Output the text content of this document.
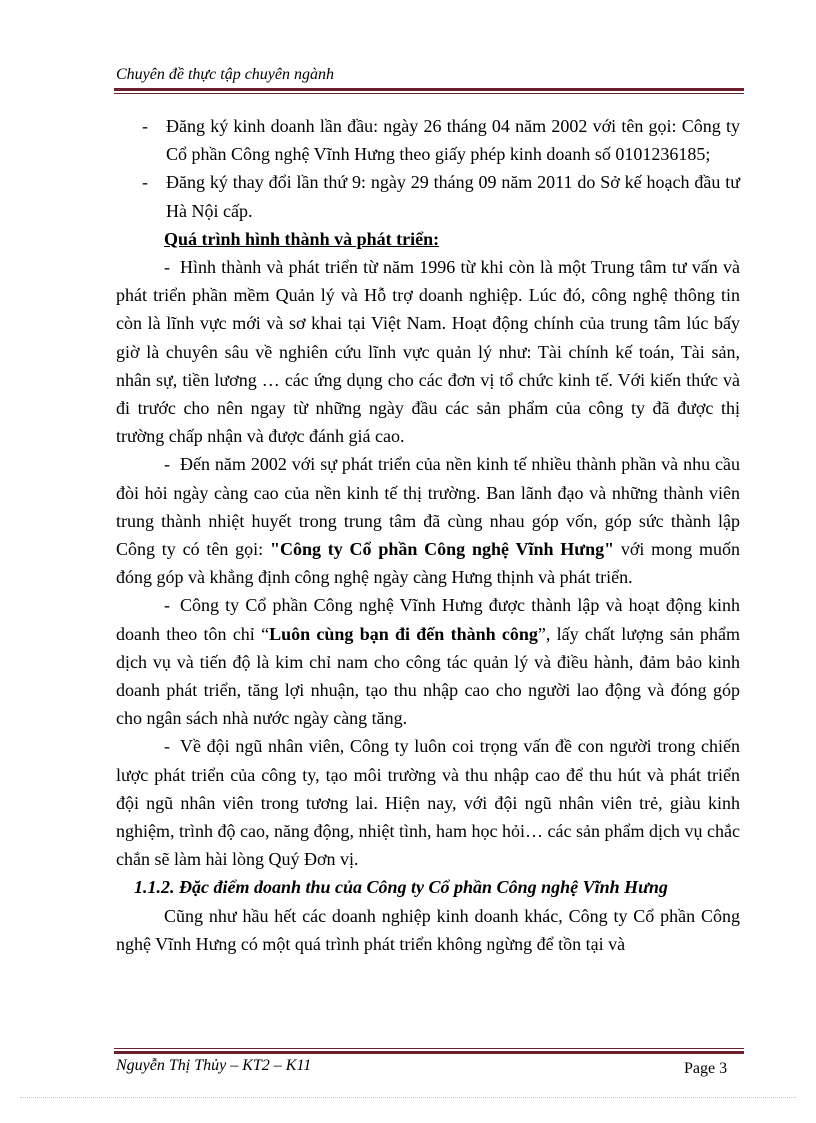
Chuyên đề thực tập chuyên ngành

- Đăng ký kinh doanh lần đầu: ngày 26 tháng 04 năm 2002 với tên gọi: Công ty Cổ phần Công nghệ Vĩnh Hưng theo giấy phép kinh doanh số 0101236185;

- Đăng ký thay đổi lần thứ 9: ngày 29 tháng 09 năm 2011 do Sở kế hoạch đầu tư Hà Nội cấp.

Quá trình hình thành và phát triển:

- Hình thành và phát triển từ năm 1996 từ khi còn là một Trung tâm tư vấn và phát triển phần mềm Quản lý và Hỗ trợ doanh nghiệp. Lúc đó, công nghệ thông tin còn là lĩnh vực mới và sơ khai tại Việt Nam. Hoạt động chính của trung tâm lúc bấy giờ là chuyên sâu về nghiên cứu lĩnh vực quản lý như: Tài chính kế toán, Tài sản, nhân sự, tiền lương … các ứng dụng cho các đơn vị tổ chức kinh tế. Với kiến thức và đi trước cho nên ngay từ những ngày đầu các sản phẩm của công ty đã được thị trường chấp nhận và được đánh giá cao.

- Đến năm 2002 với sự phát triển của nền kinh tế nhiều thành phần và nhu cầu đòi hỏi ngày càng cao của nền kinh tế thị trường. Ban lãnh đạo và những thành viên trung thành nhiệt huyết trong trung tâm đã cùng nhau góp vốn, góp sức thành lập Công ty có tên gọi: "Công ty Cổ phần Công nghệ Vĩnh Hưng" với mong muốn đóng góp và khẳng định công nghệ ngày càng Hưng thịnh và phát triển.

- Công ty Cổ phần Công nghệ Vĩnh Hưng được thành lập và hoạt động kinh doanh theo tôn chỉ “Luôn cùng bạn đi đến thành công”, lấy chất lượng sản phẩm dịch vụ và tiến độ là kim chỉ nam cho công tác quản lý và điều hành, đảm bảo kinh doanh phát triển, tăng lợi nhuận, tạo thu nhập cao cho người lao động và đóng góp cho ngân sách nhà nước ngày càng tăng.

- Về đội ngũ nhân viên, Công ty luôn coi trọng vấn đề con người trong chiến lược phát triển của công ty, tạo môi trường và thu nhập cao để thu hút và phát triển đội ngũ nhân viên trong tương lai. Hiện nay, với đội ngũ nhân viên trẻ, giàu kinh nghiệm, trình độ cao, năng động, nhiệt tình, ham học hỏi… các sản phẩm dịch vụ chắc chắn sẽ làm hài lòng Quý Đơn vị.

1.1.2. Đặc điểm doanh thu của Công ty Cổ phần Công nghệ Vĩnh Hưng

Cũng như hầu hết các doanh nghiệp kinh doanh khác, Công ty Cổ phần Công nghệ Vĩnh Hưng có một quá trình phát triển không ngừng để tồn tại và

Nguyễn Thị Thủy – KT2 – K11	Page 3
